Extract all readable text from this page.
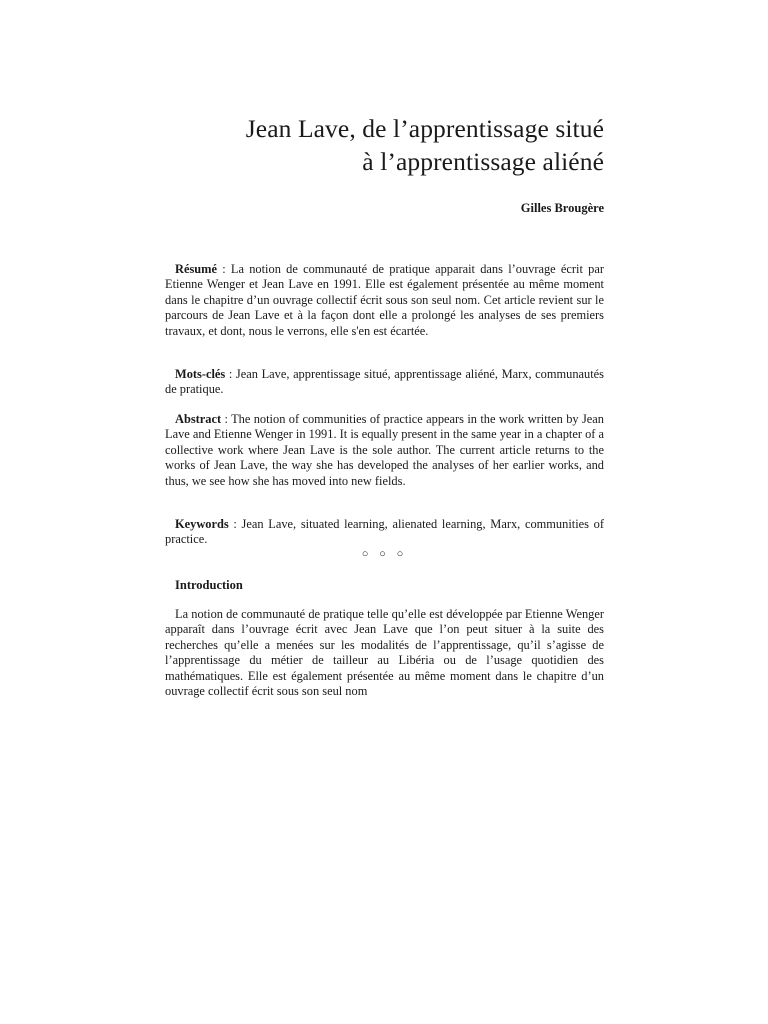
Jean Lave, de l’apprentissage situé
à l’apprentissage aliéné

Gilles Brougère

Résumé : La notion de communauté de pratique apparait dans l’ouvrage écrit par Etienne Wenger et Jean Lave en 1991. Elle est également présentée au même moment dans le chapitre d’un ouvrage collectif écrit sous son seul nom. Cet article revient sur le parcours de Jean Lave et à la façon dont elle a prolongé les analyses de ses premiers travaux, et dont, nous le verrons, elle s'en est écartée.

Mots-clés : Jean Lave, apprentissage situé, apprentissage aliéné, Marx, communautés de pratique.

Abstract : The notion of communities of practice appears in the work written by Jean Lave and Etienne Wenger in 1991. It is equally present in the same year in a chapter of a collective work where Jean Lave is the sole author. The current article returns to the works of Jean Lave, the way she has developed the analyses of her earlier works, and thus, we see how she has moved into new fields.

Keywords : Jean Lave, situated learning, alienated learning, Marx, communities of practice.

○ ○ ○

Introduction

La notion de communauté de pratique telle qu’elle est développée par Etienne Wenger apparaît dans l’ouvrage écrit avec Jean Lave que l’on peut situer à la suite des recherches qu’elle a menées sur les modalités de l’apprentissage, qu’il s’agisse de l’apprentissage du métier de tailleur au Libéria ou de l’usage quotidien des mathématiques. Elle est également présentée au même moment dans le chapitre d’un ouvrage collectif écrit sous son seul nom
